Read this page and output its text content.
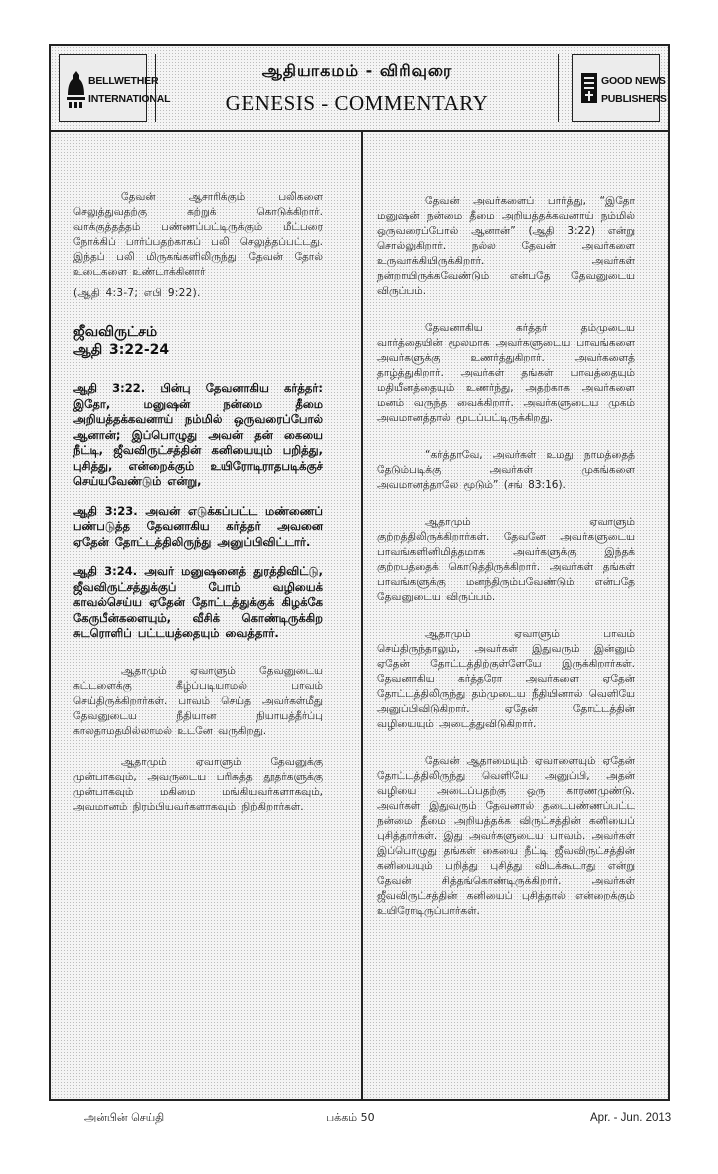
BELLWETHER
INTERNATIONAL
ஆதியாகமம் - விரிவுரை
GENESIS - COMMENTARY
GOOD NEWS
PUBLISHERS

தேவன் ஆசாரிக்கும் பலிகளை செலுத்துவதற்கு கற்றுக் கொடுக்கிறார். வாக்குத்தத்தம் பண்ணப்பட்டிருக்கும் மீட்பரை நோக்கிப் பார்ப்பதற்காகப் பலி செலுத்தப்பட்டது. இந்தப் பலி மிருகங்களிலிருந்து தேவன் தோல் உடைகளை உண்டாக்கினார்

(ஆதி 4:3-7; எபி 9:22).

ஜீவவிருட்சம்

ஆதி 3:22-24

ஆதி 3:22. பின்பு தேவனாகிய கர்த்தர்: இதோ, மனுஷன் நன்மை தீமை அறியத்தக்கவனாய் நம்மில் ஒருவரைப்போல் ஆனான்; இப்பொழுது அவன் தன் கையை நீட்டி, ஜீவவிருட்சத்தின் கனியையும் பறித்து, புசித்து, என்றைக்கும் உயிரோடிராதபடிக்குச் செய்யவேண்டும் என்று,

ஆதி 3:23. அவன் எடுக்கப்பட்ட மண்ணைப் பண்படுத்த தேவனாகிய கர்த்தர் அவனை ஏதேன் தோட்டத்திலிருந்து அனுப்பிவிட்டார்.

ஆதி 3:24. அவர் மனுஷனைத் துரத்திவிட்டு, ஜீவவிருட்சத்துக்குப் போம் வழியைக் காவல்செய்ய ஏதேன் தோட்டத்துக்குக் கிழக்கே கேருபீன்களையும், வீசிக் கொண்டிருக்கிற சுடரொளிப் பட்டயத்தையும் வைத்தார்.

ஆதாமும் ஏவாளும் தேவனுடைய கட்டளைக்கு கீழ்ப்படியாமல் பாவம் செய்திருக்கிறார்கள். பாவம் செய்த அவர்கள்மீது தேவனுடைய நீதியான நியாயத்தீர்ப்பு காலதாமதமில்லாமல் உடனே வருகிறது.

ஆதாமும் ஏவாளும் தேவனுக்கு முன்பாகவும், அவருடைய பரிசுத்த தூதர்களுக்கு முன்பாகவும் மகிமை மங்கியவர்களாகவும், அவமானம் நிரம்பியவர்களாகவும் நிற்கிறார்கள்.

தேவன் அவர்களைப் பார்த்து, “இதோ மனுஷன் நன்மை தீமை அறியத்தக்கவனாய் நம்மில் ஒருவரைப்போல் ஆனான்” (ஆதி 3:22) என்று சொல்லுகிறார். நல்ல தேவன் அவர்களை உருவாக்கியிருக்கிறார். அவர்கள் நன்றாயிருக்கவேண்டும் என்பதே தேவனுடைய விருப்பம்.

தேவனாகிய கர்த்தர் தம்முடைய வார்த்தையின் மூலமாக அவர்களுடைய பாவங்களை அவர்களுக்கு உணர்த்துகிறார். அவர்களைத் தாழ்த்துகிறார். அவர்கள் தங்கள் பாவத்தையும் மதியீனத்தையும் உணர்ந்து, அதற்காக அவர்களை மனம் வருந்த வைக்கிறார். அவர்களுடைய முகம் அவமானத்தால் மூடப்பட்டிருக்கிறது.

“கர்த்தாவே, அவர்கள் உமது நாமத்தைத் தேடும்படிக்கு அவர்கள் முகங்களை அவமானத்தாலே மூடும்” (சங் 83:16).

ஆதாமும் ஏவாளும் குற்றத்திலிருக்கிறார்கள். தேவனே அவர்களுடைய பாவங்களினிமித்தமாக அவர்களுக்கு இந்தக் குற்றபத்தைக் கொடுத்திருக்கிறார். அவர்கள் தங்கள் பாவங்களுக்கு மனந்திரும்பவேண்டும் என்பதே தேவனுடைய விருப்பம்.

ஆதாமும் ஏவாளும் பாவம் செய்திருந்தாலும், அவர்கள் இதுவரும் இன்னும் ஏதேன் தோட்டத்திற்குள்ளேயே இருக்கிறார்கள். தேவனாகிய கர்த்தரோ அவர்களை ஏதேன் தோட்டத்திலிருந்து தம்முடைய நீதியினால் வெளியே அனுப்பிவிடுகிறார். ஏதேன் தோட்டத்தின் வழியையும் அடைத்துவிடுகிறார்.

தேவன் ஆதாமையும் ஏவாளையும் ஏதேன் தோட்டத்திலிருந்து வெளியே அனுப்பி, அதன் வழியை அடைப்பதற்கு ஒரு காரணமுண்டு. அவர்கள் இதுவரும் தேவனால் தடைபண்ணப்பட்ட நன்மை தீமை அறியத்தக்க விருட்சத்தின் கனியைப் புசித்தார்கள். இது அவர்களுடைய பாவம். அவர்கள் இப்பொழுது தங்கள் கையை நீட்டி ஜீவவிருட்சத்தின் கனியையும் பறித்து புசித்து விடக்கூடாது என்று தேவன் சித்தங்கொண்டிருக்கிறார். அவர்கள் ஜீவவிருட்சத்தின் கனியைப் புசித்தால் என்றைக்கும் உயிரோடிருப்பார்கள்.

அன்பின் செய்தி	பக்கம் 50	Apr. - Jun. 2013
